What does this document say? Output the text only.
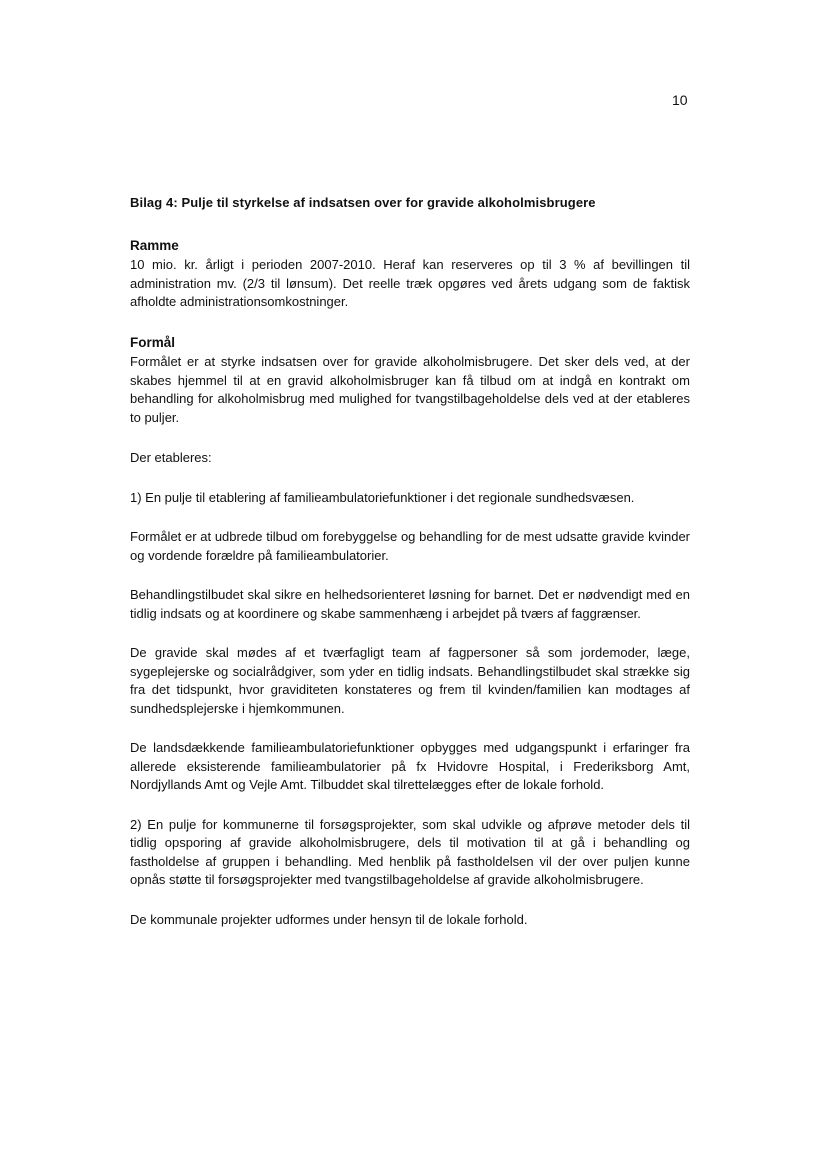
10

Bilag 4: Pulje til styrkelse af indsatsen over for gravide alkoholmisbrugere

Ramme

10 mio. kr. årligt i perioden 2007-2010. Heraf kan reserveres op til 3 % af bevillingen til administration mv. (2/3 til lønsum). Det reelle træk opgøres ved årets udgang som de faktisk afholdte administrationsomkostninger.

Formål

Formålet er at styrke indsatsen over for gravide alkoholmisbrugere. Det sker dels ved, at der skabes hjemmel til at en gravid alkoholmisbruger kan få tilbud om at indgå en kontrakt om behandling for alkoholmisbrug med mulighed for tvangstilbageholdelse dels ved at der etableres to puljer.

Der etableres:

1) En pulje til etablering af familieambulatoriefunktioner i det regionale sundhedsvæsen.

Formålet er at udbrede tilbud om forebyggelse og behandling for de mest udsatte gravide kvinder og vordende forældre på familieambulatorier.

Behandlingstilbudet skal sikre en helhedsorienteret løsning for barnet. Det er nødvendigt med en tidlig indsats og at koordinere og skabe sammenhæng i arbejdet på tværs af faggrænser.

De gravide skal mødes af et tværfagligt team af fagpersoner så som jordemoder, læge, sygeplejerske og socialrådgiver, som yder en tidlig indsats. Behandlingstilbudet skal strække sig fra det tidspunkt, hvor graviditeten konstateres og frem til kvinden/familien kan modtages af sundhedsplejerske i hjemkommunen.

De landsdækkende familieambulatoriefunktioner opbygges med udgangspunkt i erfaringer fra allerede eksisterende familieambulatorier på fx Hvidovre Hospital, i Frederiksborg Amt, Nordjyllands Amt og Vejle Amt. Tilbuddet skal tilrettelægges efter de lokale forhold.

2) En pulje for kommunerne til forsøgsprojekter, som skal udvikle og afprøve metoder dels til tidlig opsporing af gravide alkoholmisbrugere, dels til motivation til at gå i behandling og fastholdelse af gruppen i behandling. Med henblik på fastholdelsen vil der over puljen kunne opnås støtte til forsøgsprojekter med tvangstilbageholdelse af gravide alkoholmisbrugere.

De kommunale projekter udformes under hensyn til de lokale forhold.
